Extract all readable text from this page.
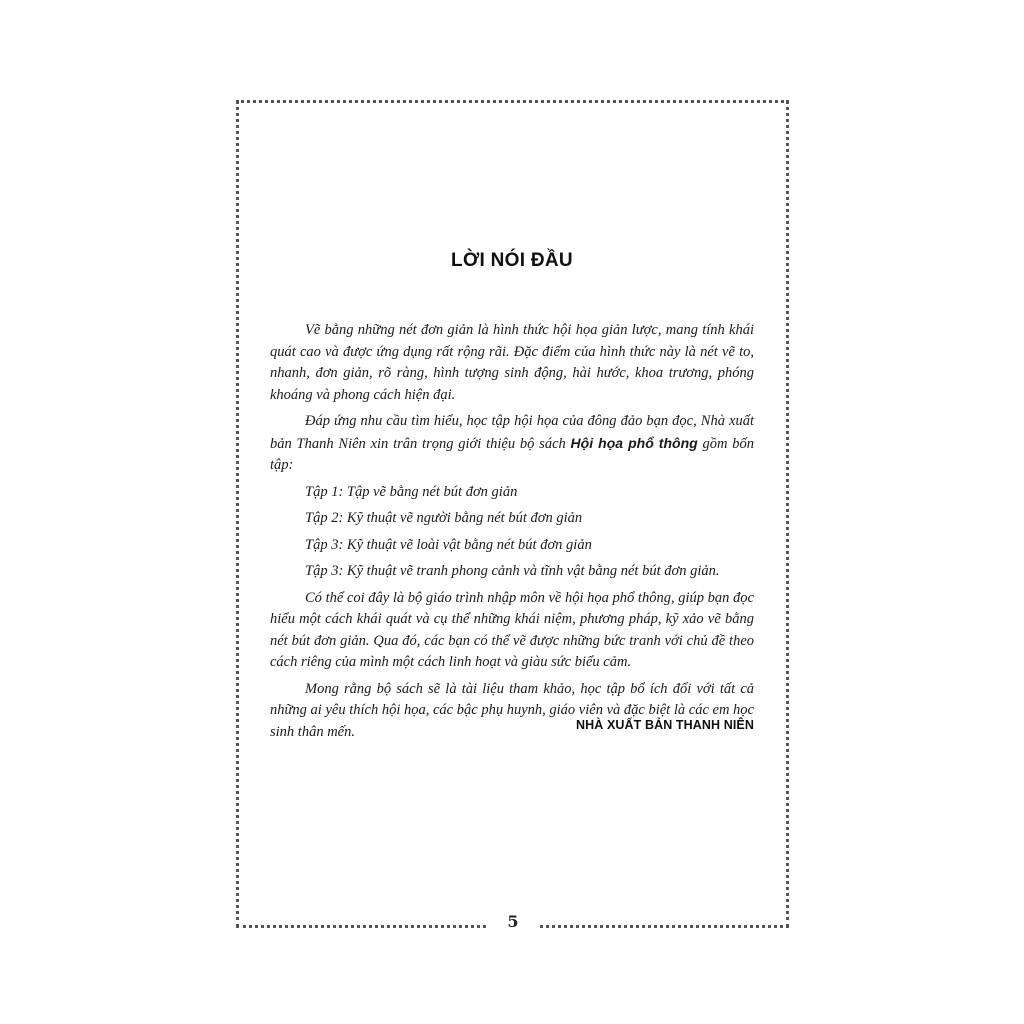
LỜI NÓI ĐẦU

Vẽ bằng những nét đơn giản là hình thức hội họa giản lược, mang tính khái quát cao và được ứng dụng rất rộng rãi. Đặc điểm của hình thức này là nét vẽ to, nhanh, đơn giản, rõ ràng, hình tượng sinh động, hài hước, khoa trương, phóng khoáng và phong cách hiện đại.

Đáp ứng nhu cầu tìm hiểu, học tập hội họa của đông đảo bạn đọc, Nhà xuất bản Thanh Niên xin trân trọng giới thiệu bộ sách Hội họa phổ thông gồm bốn tập:

Tập 1: Tập vẽ bằng nét bút đơn giản

Tập 2: Kỹ thuật vẽ người bằng nét bút đơn giản

Tập 3: Kỹ thuật vẽ loài vật bằng nét bút đơn giản

Tập 3: Kỹ thuật vẽ tranh phong cảnh và tĩnh vật bằng nét bút đơn giản.

Có thể coi đây là bộ giáo trình nhập môn về hội họa phổ thông, giúp bạn đọc hiểu một cách khái quát và cụ thể những khái niệm, phương pháp, kỹ xảo vẽ bằng nét bút đơn giản. Qua đó, các bạn có thể vẽ được những bức tranh với chủ đề theo cách riêng của mình một cách linh hoạt và giàu sức biểu cảm.

Mong rằng bộ sách sẽ là tài liệu tham khảo, học tập bổ ích đối với tất cả những ai yêu thích hội họa, các bậc phụ huynh, giáo viên và đặc biệt là các em học sinh thân mến.	NHÀ XUẤT BẢN THANH NIÊN
5
